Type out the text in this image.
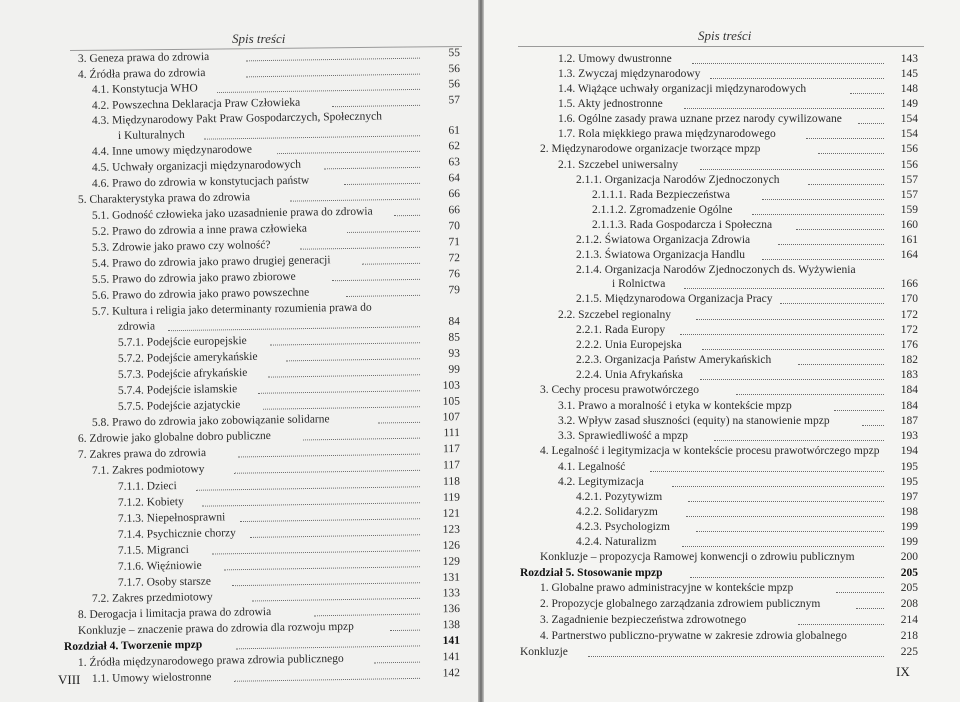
Spis treści
3. Geneza prawa do zdrowia	55
4. Źródła prawa do zdrowia	56
4.1. Konstytucja WHO	56
4.2. Powszechna Deklaracja Praw Człowieka	57
4.3. Międzynarodowy Pakt Praw Gospodarczych, Społecznych
i Kulturalnych	61
4.4. Inne umowy międzynarodowe	62
4.5. Uchwały organizacji międzynarodowych	63
4.6. Prawo do zdrowia w konstytucjach państw	64
5. Charakterystyka prawa do zdrowia	66
5.1. Godność człowieka jako uzasadnienie prawa do zdrowia	66
5.2. Prawo do zdrowia a inne prawa człowieka	70
5.3. Zdrowie jako prawo czy wolność?	71
5.4. Prawo do zdrowia jako prawo drugiej generacji	72
5.5. Prawo do zdrowia jako prawo zbiorowe	76
5.6. Prawo do zdrowia jako prawo powszechne	79
5.7. Kultura i religia jako determinanty rozumienia prawa do
zdrowia	84
5.7.1. Podejście europejskie	85
5.7.2. Podejście amerykańskie	93
5.7.3. Podejście afrykańskie	99
5.7.4. Podejście islamskie	103
5.7.5. Podejście azjatyckie	105
5.8. Prawo do zdrowia jako zobowiązanie solidarne	107
6. Zdrowie jako globalne dobro publiczne	111
7. Zakres prawa do zdrowia	117
7.1. Zakres podmiotowy	117
7.1.1. Dzieci	118
7.1.2. Kobiety	119
7.1.3. Niepełnosprawni	121
7.1.4. Psychicznie chorzy	123
7.1.5. Migranci	126
7.1.6. Więźniowie	129
7.1.7. Osoby starsze	131
7.2. Zakres przedmiotowy	133
8. Derogacja i limitacja prawa do zdrowia	136
Konkluzje – znaczenie prawa do zdrowia dla rozwoju mpzp	138
Rozdział 4. Tworzenie mpzp	141
1. Źródła międzynarodowego prawa zdrowia publicznego	141
1.1. Umowy wielostronne	142
VIII
Spis treści
1.2. Umowy dwustronne	143
1.3. Zwyczaj międzynarodowy	145
1.4. Wiążące uchwały organizacji międzynarodowych	148
1.5. Akty jednostronne	149
1.6. Ogólne zasady prawa uznane przez narody cywilizowane	154
1.7. Rola miękkiego prawa międzynarodowego	154
2. Międzynarodowe organizacje tworzące mpzp	156
2.1. Szczebel uniwersalny	156
2.1.1. Organizacja Narodów Zjednoczonych	157
2.1.1.1. Rada Bezpieczeństwa	157
2.1.1.2. Zgromadzenie Ogólne	159
2.1.1.3. Rada Gospodarcza i Społeczna	160
2.1.2. Światowa Organizacja Zdrowia	161
2.1.3. Światowa Organizacja Handlu	164
2.1.4. Organizacja Narodów Zjednoczonych ds. Wyżywienia
i Rolnictwa	166
2.1.5. Międzynarodowa Organizacja Pracy	170
2.2. Szczebel regionalny	172
2.2.1. Rada Europy	172
2.2.2. Unia Europejska	176
2.2.3. Organizacja Państw Amerykańskich	182
2.2.4. Unia Afrykańska	183
3. Cechy procesu prawotwórczego	184
3.1. Prawo a moralność i etyka w kontekście mpzp	184
3.2. Wpływ zasad słuszności (equity) na stanowienie mpzp	187
3.3. Sprawiedliwość a mpzp	193
4. Legalność i legitymizacja w kontekście procesu prawotwórczego mpzp 194
4.1. Legalność	195
4.2. Legitymizacja	195
4.2.1. Pozytywizm	197
4.2.2. Solidaryzm	198
4.2.3. Psychologizm	199
4.2.4. Naturalizm	199
Konkluzje – propozycja Ramowej konwencji o zdrowiu publicznym	200
Rozdział 5. Stosowanie mpzp	205
1. Globalne prawo administracyjne w kontekście mpzp	205
2. Propozycje globalnego zarządzania zdrowiem publicznym	208
3. Zagadnienie bezpieczeństwa zdrowotnego	214
4. Partnerstwo publiczno-prywatne w zakresie zdrowia globalnego	218
Konkluzje	225
IX
